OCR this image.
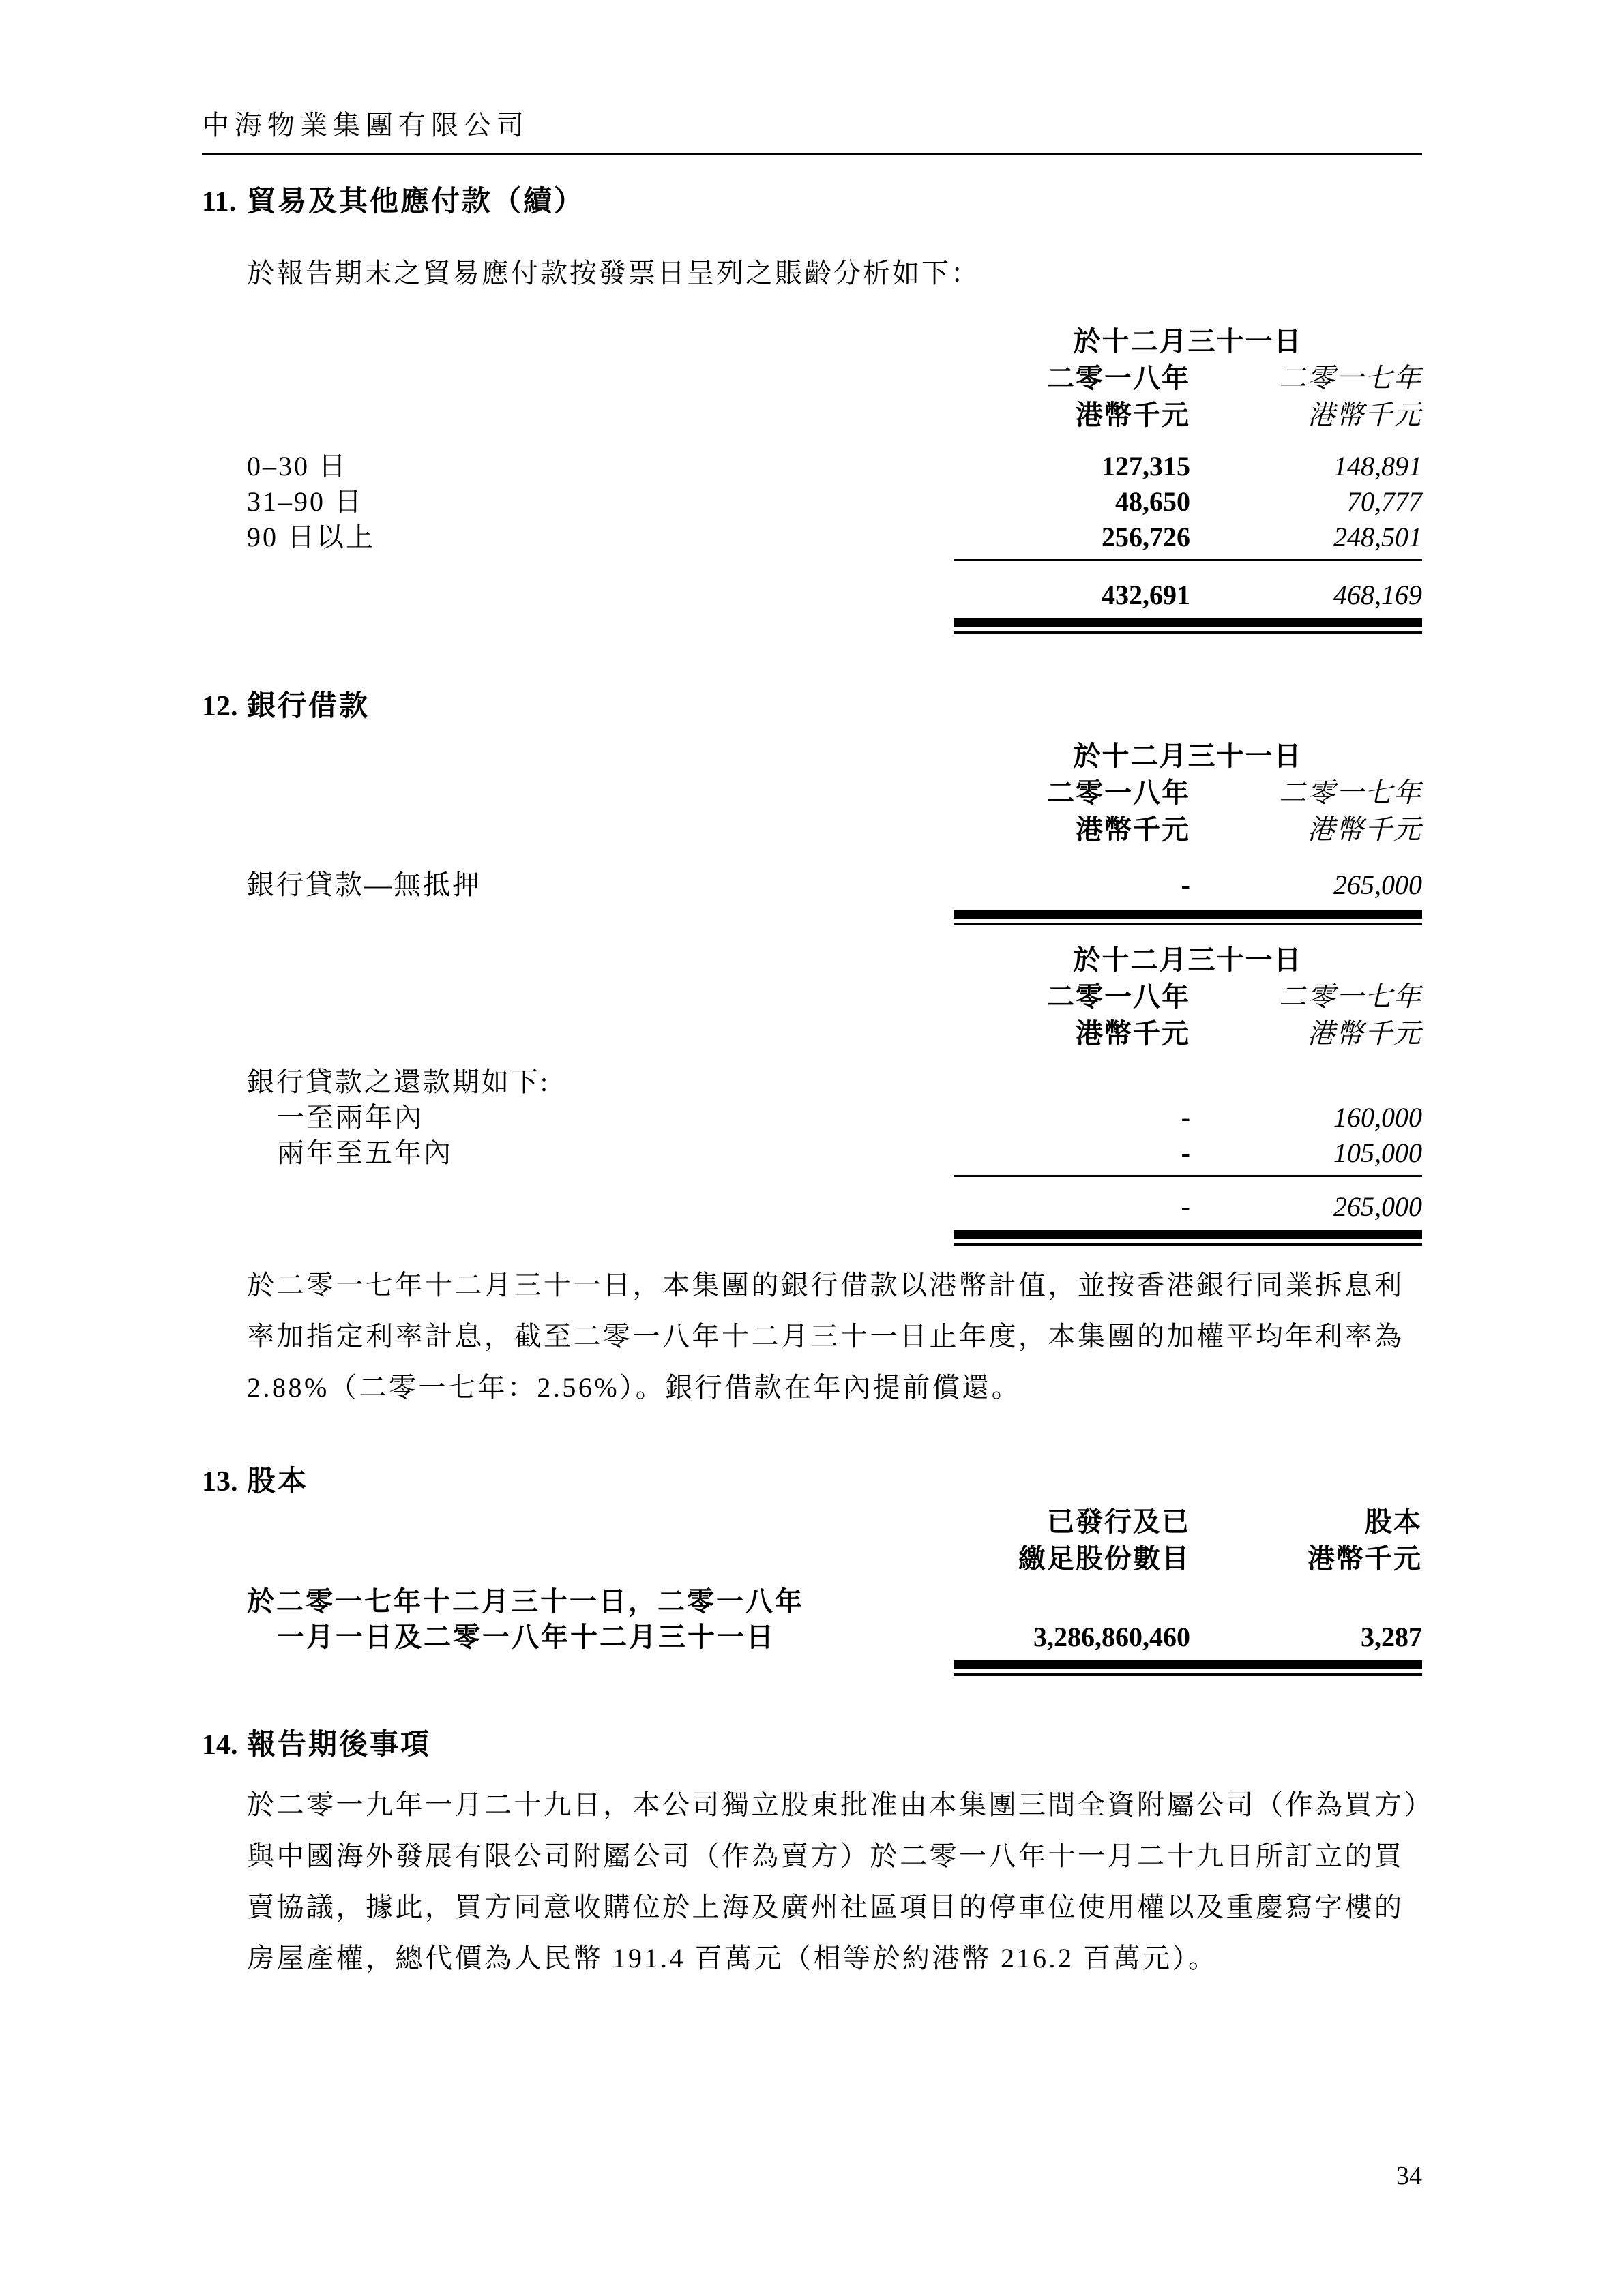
中海物業集團有限公司
11. 貿易及其他應付款（續）
於報告期末之貿易應付款按發票日呈列之賬齡分析如下：
於十二月三十一日
二零一八年	二零一七年
港幣千元	港幣千元
0–30 日	127,315	148,891
31–90 日	48,650	70,777
90 日以上	256,726	248,501
432,691	468,169
12. 銀行借款
於十二月三十一日
二零一八年	二零一七年
港幣千元	港幣千元
銀行貸款—無抵押	-	265,000
於十二月三十一日
二零一八年	二零一七年
港幣千元	港幣千元
銀行貸款之還款期如下:
一至兩年內	-	160,000
兩年至五年內	-	105,000
-	265,000
於二零一七年十二月三十一日，本集團的銀行借款以港幣計值，並按香港銀行同業拆息利
率加指定利率計息，截至二零一八年十二月三十一日止年度，本集團的加權平均年利率為
2.88%（二零一七年：2.56%）。銀行借款在年內提前償還。
13. 股本
已發行及已	股本
繳足股份數目	港幣千元
於二零一七年十二月三十一日，二零一八年
一月一日及二零一八年十二月三十一日	3,286,860,460	3,287
14. 報告期後事項
於二零一九年一月二十九日，本公司獨立股東批准由本集團三間全資附屬公司（作為買方）
與中國海外發展有限公司附屬公司（作為賣方）於二零一八年十一月二十九日所訂立的買
賣協議，據此，買方同意收購位於上海及廣州社區項目的停車位使用權以及重慶寫字樓的
房屋產權，總代價為人民幣 191.4 百萬元（相等於約港幣 216.2 百萬元）。
34
